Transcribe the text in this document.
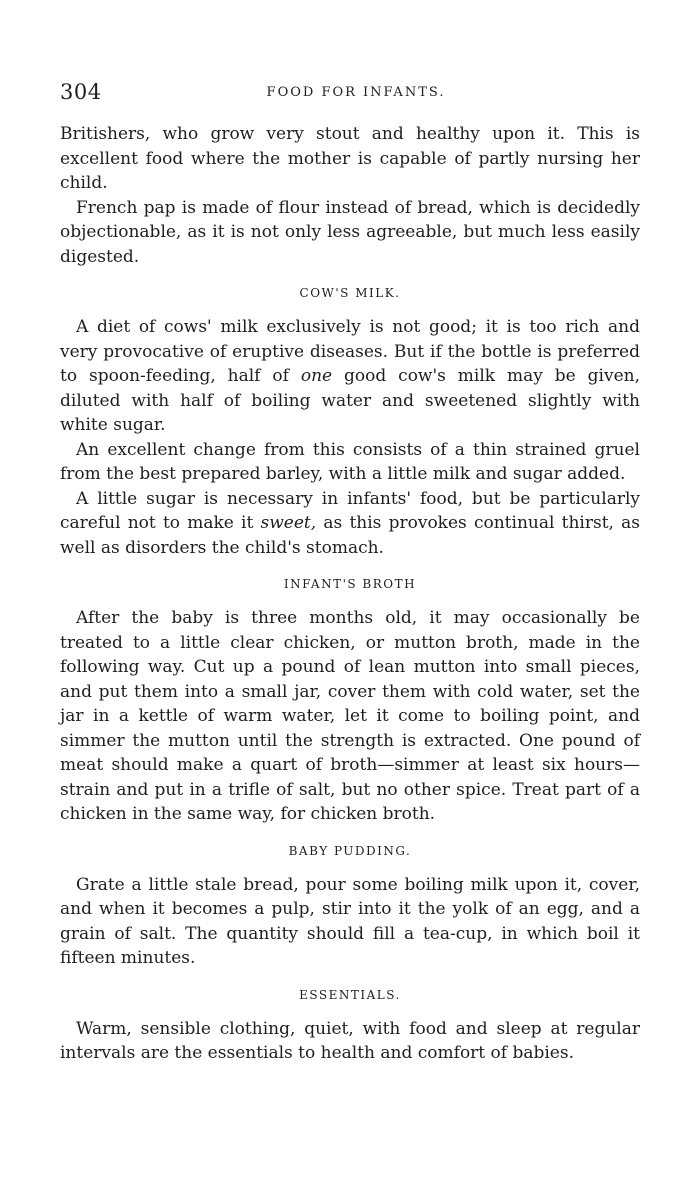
304	FOOD FOR INFANTS.

Britishers, who grow very stout and healthy upon it. This is excellent food where the mother is capable of partly nursing her child.

French pap is made of flour instead of bread, which is decidedly objectionable, as it is not only less agreeable, but much less easily digested.

COW'S MILK.

A diet of cows' milk exclusively is not good; it is too rich and very provocative of eruptive diseases. But if the bottle is preferred to spoon-feeding, half of one good cow's milk may be given, diluted with half of boiling water and sweetened slightly with white sugar.

An excellent change from this consists of a thin strained gruel from the best prepared barley, with a little milk and sugar added.

A little sugar is necessary in infants' food, but be particularly careful not to make it sweet, as this provokes continual thirst, as well as disorders the child's stomach.

INFANT'S BROTH

After the baby is three months old, it may occasionally be treated to a little clear chicken, or mutton broth, made in the following way. Cut up a pound of lean mutton into small pieces, and put them into a small jar, cover them with cold water, set the jar in a kettle of warm water, let it come to boiling point, and simmer the mutton until the strength is extracted. One pound of meat should make a quart of broth—simmer at least six hours—strain and put in a trifle of salt, but no other spice. Treat part of a chicken in the same way, for chicken broth.

BABY PUDDING.

Grate a little stale bread, pour some boiling milk upon it, cover, and when it becomes a pulp, stir into it the yolk of an egg, and a grain of salt. The quantity should fill a tea-cup, in which boil it fifteen minutes.

ESSENTIALS.

Warm, sensible clothing, quiet, with food and sleep at regular intervals are the essentials to health and comfort of babies.
